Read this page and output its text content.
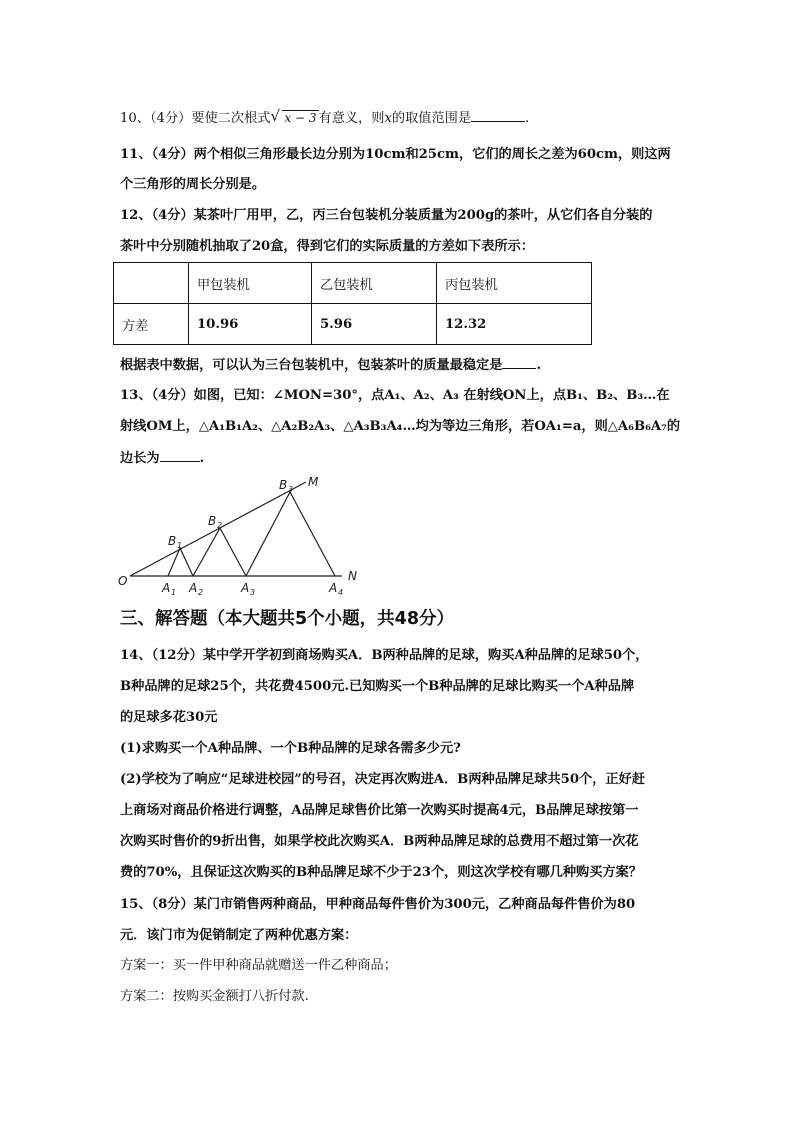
10、（4分）要使二次根式 √ x − 3 有意义，则x的取值范围是	.
11、（4分）两个相似三角形最长边分别为10cm和25cm，它们的周长之差为60cm，则这两
个三角形的周长分别是。
12、（4分）某茶叶厂用甲，乙，丙三台包装机分装质量为200g的茶叶，从它们各自分装的
茶叶中分别随机抽取了20盒，得到它们的实际质量的方差如下表所示：
	甲包装机	乙包装机	丙包装机
方差	10.96	5.96	12.32
根据表中数据，可以认为三台包装机中，包装茶叶的质量最稳定是	.
13、（4分）如图，已知：∠MON=30°，点A₁、A₂、A₃ 在射线ON上，点B₁、B₂、B₃…在
射线OM上，△A₁B₁A₂、△A₂B₂A₃、△A₃B₃A₄…均为等边三角形，若OA₁=a，则△A₆B₆A₇的
边长为	.
O
M
N
A 1 A 2	A 3	A 4
B 1
B 2
B 3
三、解答题（本大题共5个小题，共48分）
14、（12分）某中学开学初到商场购买A．B两种品牌的足球，购买A种品牌的足球50个，
B种品牌的足球25个，共花费4500元.已知购买一个B种品牌的足球比购买一个A种品牌
的足球多花30元
(1)求购买一个A种品牌、一个B种品牌的足球各需多少元?
(2)学校为了响应“足球进校园”的号召，决定再次购进A．B两种品牌足球共50个，正好赶
上商场对商品价格进行调整，A品牌足球售价比第一次购买时提高4元，B品牌足球按第一
次购买时售价的9折出售，如果学校此次购买A．B两种品牌足球的总费用不超过第一次花
费的70%，且保证这次购买的B种品牌足球不少于23个，则这次学校有哪几种购买方案？
15、（8分）某门市销售两种商品，甲种商品每件售价为300元，乙种商品每件售价为80
元．该门市为促销制定了两种优惠方案：
方案一：买一件甲种商品就赠送一件乙种商品；
方案二：按购买金额打八折付款.
